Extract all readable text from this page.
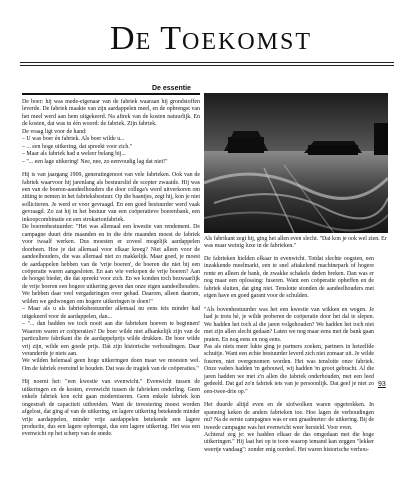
DE TOEKOMST
De essentie

De boer: hij was mede-eigenaar van de fabriek waaraan hij grondstoffen leverde. De fabriek maakte van zijn aardappelen meel, en de opbrengst van het meel werd aan hem uitgekeerd. Na aftrek van de kosten natuurlijk. En de kosten, dat was in één woord: de fabriek. Zijn fabriek.

De vraag ligt voor de hand:

– U was boer én fabriek. Als boer wilde u...

– ... een hoge uitkering, dat spreekt voor zich."

– Maar als fabriek had u weleer belang bij...

– "... een lage uitkering! Nee, nee, zo eenvoudig lag dat niet!"

Hij is van jaargang 1909, generatiegenoot van vele fabrieken. Ook van de fabriek waarvoor hij jarenlang als bestuurslid de scepter zwaaide. Hij was een van de boeren-aandeelhouders die door collega's werd uitverkoren om zitting te nemen in het fabrieksbestuur. Op die baantjes, zegt hij, kon je niet solliciteren. Je werd er voor gevraagd. En een goed bestuurder werd vaak gevraagd. Zo zat hij in het bestuur van een coöperatieve boerenbank, een inkoopcombinatie en een strokartonfabriek.

De boerenbestuurder: "Het was allemaal een kwestie van rendement. De campagne duurt drie maanden en in die drie maanden moest de fabriek voor twaalf werken. Dus moesten er zoveel mogelijk aardappelen doorheen. Hoe je dat allemaal voor elkaar kreeg? Niet alleen voor de aandeelhouders, die was allemaal niet zo makkelijk. Maar goed, je moest de aardappelen hebben van de 'vrije boeren', de boeren die niet bij een coöperatie waren aangesloten. En aan wie verkopen de vrije boeren? Aan de hoogst bieder, die dat spreekt voor zich. En we konden toch bezwaarlijk de vrije boeren een hogere uitkering geven dan onze eigen aandeelhouders. We hebben daar veel vergaderingen over gehad. Daarom, alleen daarom, wilden we gedwongen om hogere uitkeringen te doen!"

– Maar als u als fabrieksbestuurder allemaal nu eens iets minder had uitgekeerd voor de aardappelen, dan...

– "... dan hadden we toch nooit aan die fabrieken hoeven te beginnen! Waarom waren er coöperaties? De boer wilde niet afhankelijk zijn van de particuliere fabrikant die de aardappelprijs wilde drukken. De boer wilde vrij zijn, wilde een goede prijs. Dát zijn historische verhoudingen. Daar veranderde je niets aan.

We wilden helemaal geen hoge uitkeringen doen maar we moesten wel. Om de fabriek overeind te houden. Dat was de tragiek van de coöperaties."

Hij noemt het: "een kwestie van evenwicht." Evenwicht tussen de uitkeringen en de kosten, evenwicht tussen de fabrieken onderling. Geen enkele fabriek kon echt gaan moderniseren. Geen enkele fabriek kon ongestraft de capaciteit uitbreiden. Want de investering moest worden afgelost, dat ging af van de uitkering, en lagere uitkering betekende minder vrije aardappelen, minder vrije aardappelen betekende een lagere productie, dus een lagere opbrengst, dus een lagere uitkering. Het was een evenwicht op het scherp van de snede.

Als fabrikant zegt hij, ging het allen even slecht. "Dat kon je ook wel zien. Er was maar weinig luxe in de fabrieken."

De fabrieken hielden elkaar in evenwicht. Totdat slechte oogsten, een inzakkende meelmarkt, een te snel aftakelend machinepark of hogere rente en alleen de bank, de zwakke schakels deden breken. Dan was er nog maar een oplossing: fuseren. Want een coöperatie opheffen en de fabriek sluiten, dat ging niet. Tenslotte stonden de aandeelhouders met eigen have en goed garant voor de schulden.

"Als bovenbestuurder was het een kwestie van wikken en wegen. Je had je trots hè, je wilde proberen de coöperatie door het dal te slepen. We hadden het toch al die jaren volgehouden? We hadden het toch niet met zijn allen slecht gedaan? Laten we nog maar eens met de bank gaan praten. En nog eens en nog eens.

Pas als niets meer lukte ging je partners zoeken, partners in hetzelfde schuitje. Want een echte bestuurder leverd zich niet zomaar uit. Je wilde fuseren, niet overgenomen worden. Het was tenslotte onze fabriek. Onze vaders hadden 'm gebouwd, wij hadden 'm groot gebracht. Al die jaren hadden we met z'n allen die fabriek onderhouden, met een leed gedeeld. Dat gaf zo'n fabriek iets van je persoonlijk. Dat geef je niet zo een-twee-drie op."

Het duurde altijd even en de stofwolken waren opgetrokken. In spanning keken de anders fabrieken toe. Hoe lagen de verhoudingen nu? Na de eerste campagnes was er een graadmeter: de uitkering. Bij de tweede campagne was het evenwicht weer hersteld. Voor even.

Achteraf zeg je: we hadden elkaar de das omgedaan met die hoge uitkeringen." Hij laat het op te toon waarop iemand kan zeggen "lekker weertje vandaag": zonder enig oordeel. Het waren historische verhou-

93
